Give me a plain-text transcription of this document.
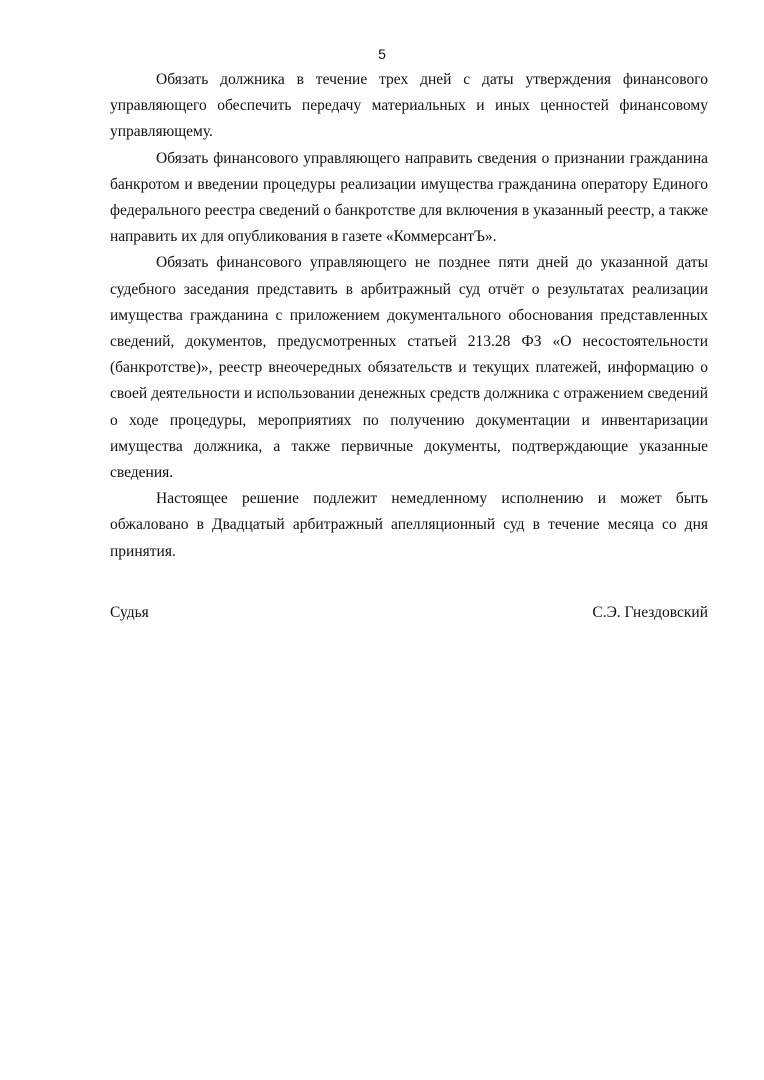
5

Обязать должника в течение трех дней с даты утверждения финансового управляющего обеспечить передачу материальных и иных ценностей финансовому управляющему.

Обязать финансового управляющего направить сведения о признании гражданина банкротом и введении процедуры реализации имущества гражданина оператору Единого федерального реестра сведений о банкротстве для включения в указанный реестр, а также направить их для опубликования в газете «КоммерсантЪ».

Обязать финансового управляющего не позднее пяти дней до указанной даты судебного заседания представить в арбитражный суд отчёт о результатах реализации имущества гражданина с приложением документального обоснования представленных сведений, документов, предусмотренных статьей 213.28 ФЗ «О несостоятельности (банкротстве)», реестр внеочередных обязательств и текущих платежей, информацию о своей деятельности и использовании денежных средств должника с отражением сведений о ходе процедуры, мероприятиях по получению документации и инвентаризации имущества должника, а также первичные документы, подтверждающие указанные сведения.

Настоящее решение подлежит немедленному исполнению и может быть обжаловано в Двадцатый арбитражный апелляционный суд в течение месяца со дня принятия.

Судья	С.Э. Гнездовский
